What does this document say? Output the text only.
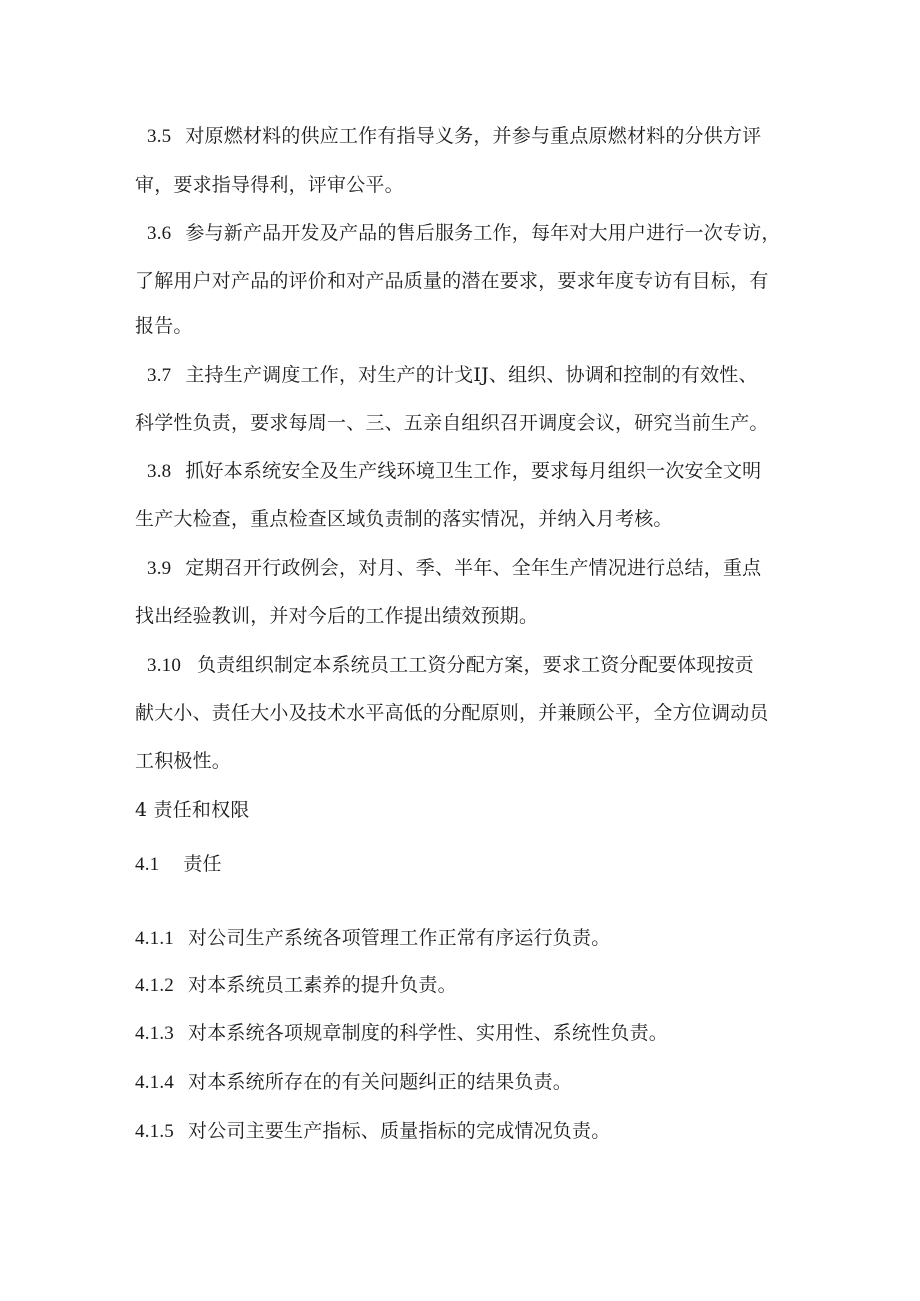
3.5 对原燃材料的供应工作有指导义务，并参与重点原燃材料的分供方评
审，要求指导得利，评审公平。
3.6 参与新产品开发及产品的售后服务工作，每年对大用户进行一次专访，
了解用户对产品的评价和对产品质量的潜在要求，要求年度专访有目标，有
报告。
3.7 主持生产调度工作，对生产的计戈IJ、组织、协调和控制的有效性、
科学性负责，要求每周一、三、五亲自组织召开调度会议，研究当前生产。
3.8 抓好本系统安全及生产线环境卫生工作，要求每月组织一次安全文明
生产大检查，重点检查区域负责制的落实情况，并纳入月考核。
3.9 定期召开行政例会，对月、季、半年、全年生产情况进行总结，重点
找出经验教训，并对今后的工作提出绩效预期。
3.10 负责组织制定本系统员工工资分配方案，要求工资分配要体现按贡
献大小、责任大小及技术水平高低的分配原则，并兼顾公平，全方位调动员
工积极性。
4 责任和权限
4.1 责任
4.1.1 对公司生产系统各项管理工作正常有序运行负责。
4.1.2 对本系统员工素养的提升负责。
4.1.3 对本系统各项规章制度的科学性、实用性、系统性负责。
4.1.4 对本系统所存在的有关问题纠正的结果负责。
4.1.5 对公司主要生产指标、质量指标的完成情况负责。
